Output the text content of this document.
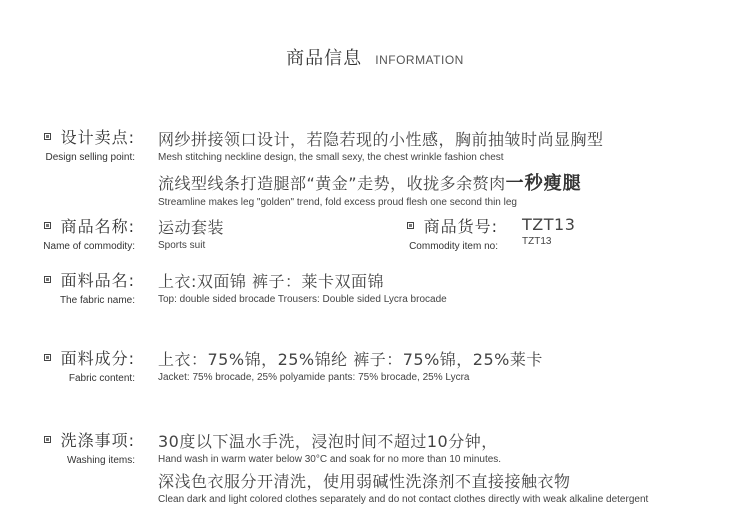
商品信息 INFORMATION
设计卖点:
Design selling point:
网纱拼接领口设计，若隐若现的小性感，胸前抽皱时尚显胸型
Mesh stitching neckline design, the small sexy, the chest wrinkle fashion chest
流线型线条打造腿部“黄金”走势，收拢多余赘肉一秒瘦腿
Streamline makes leg "golden" trend, fold excess proud flesh one second thin leg
商品名称:
Name of commodity:
运动套装
Sports suit
商品货号:
Commodity item no:
TZT13
TZT13
面料品名:
The fabric name:
上衣:双面锦 裤子：莱卡双面锦
Top: double sided brocade Trousers: Double sided Lycra brocade
面料成分:
Fabric content:
上衣：75%锦，25%锦纶 裤子：75%锦，25%莱卡
Jacket: 75% brocade, 25% polyamide pants: 75% brocade, 25% Lycra
洗涤事项:
Washing items:
30度以下温水手洗，浸泡时间不超过10分钟，
Hand wash in warm water below 30°C and soak for no more than 10 minutes.
深浅色衣服分开清洗，使用弱碱性洗涤剂不直接接触衣物
Clean dark and light colored clothes separately and do not contact clothes directly with weak alkaline detergent
